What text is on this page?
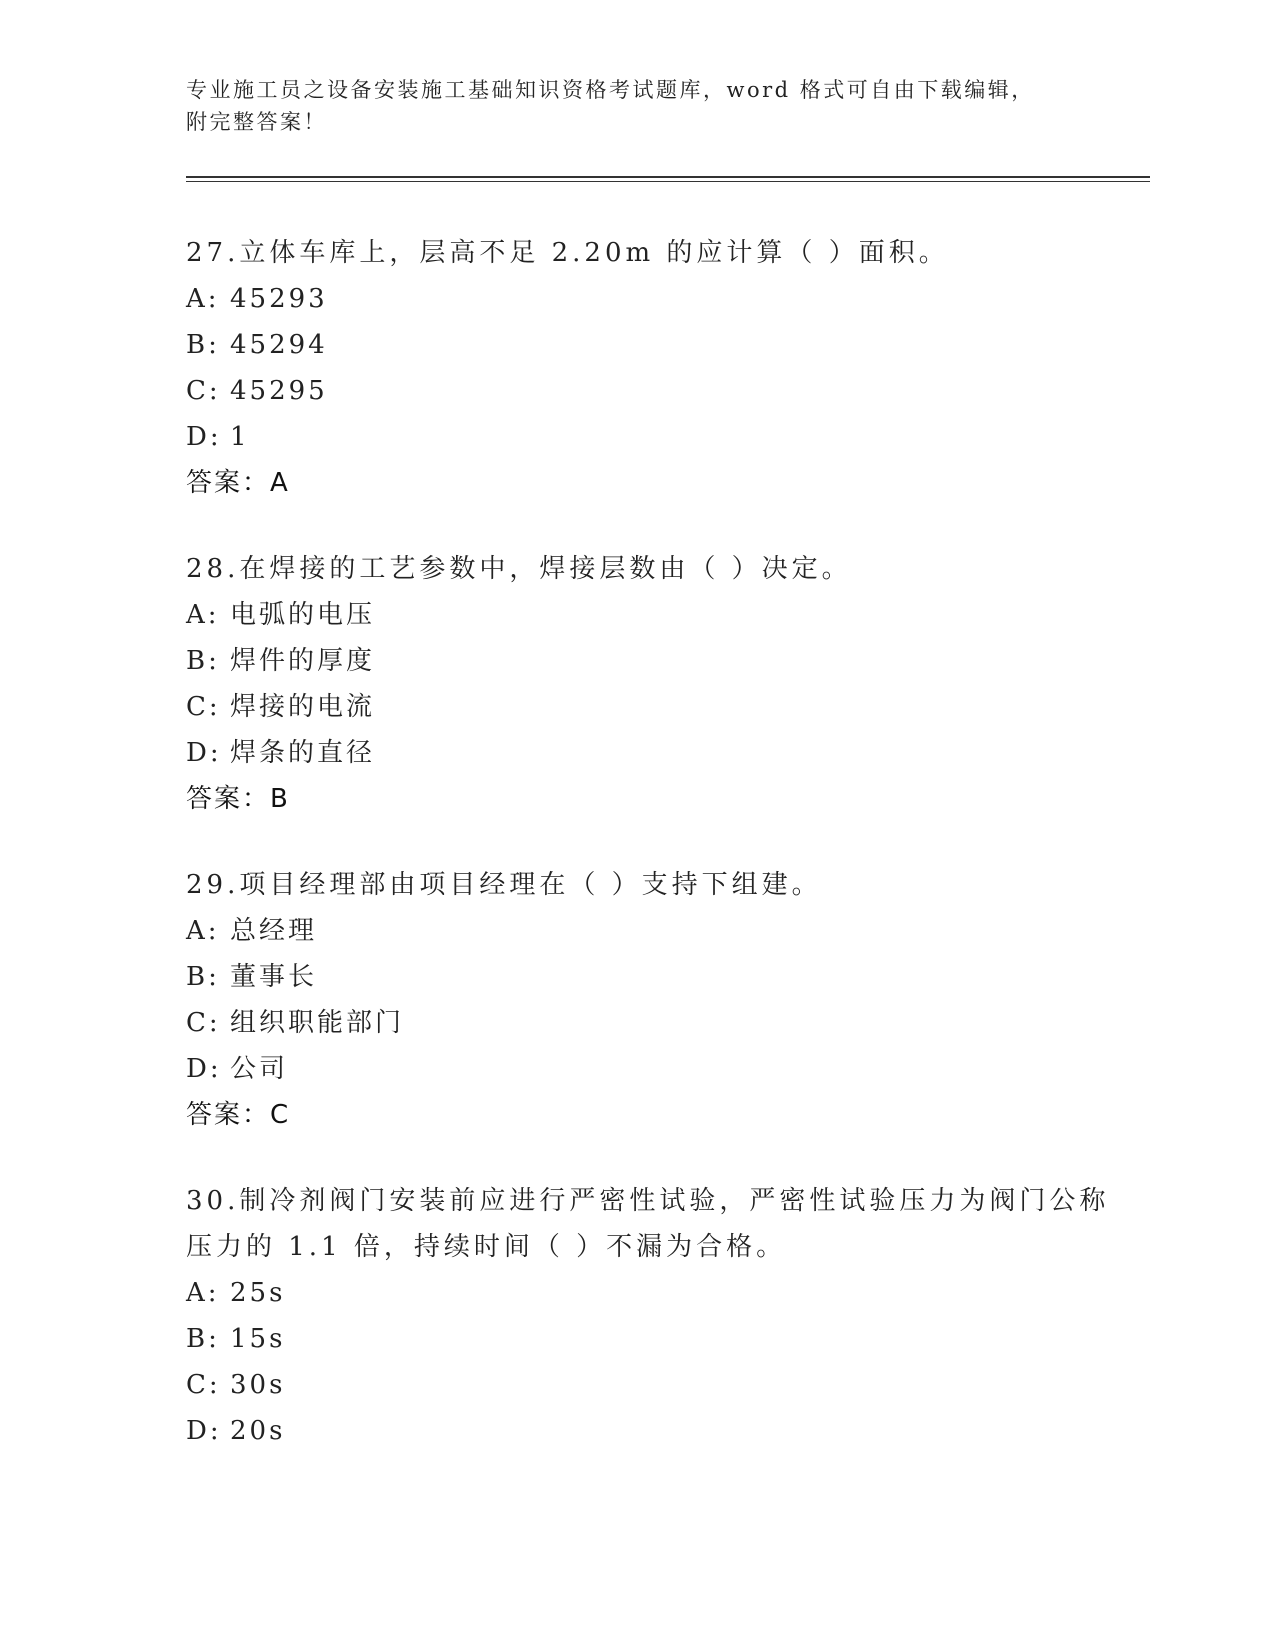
专业施工员之设备安装施工基础知识资格考试题库，word 格式可自由下载编辑，
附完整答案！
27.立体车库上，层高不足 2.20m 的应计算（ ）面积。
A: 45293
B: 45294
C: 45295
D: 1
答案：A
28.在焊接的工艺参数中，焊接层数由（ ）决定。
A: 电弧的电压
B: 焊件的厚度
C: 焊接的电流
D: 焊条的直径
答案：B
29.项目经理部由项目经理在（ ）支持下组建。
A: 总经理
B: 董事长
C: 组织职能部门
D: 公司
答案：C
30.制冷剂阀门安装前应进行严密性试验，严密性试验压力为阀门公称
压力的 1.1 倍，持续时间（ ）不漏为合格。
A: 25s
B: 15s
C: 30s
D: 20s
